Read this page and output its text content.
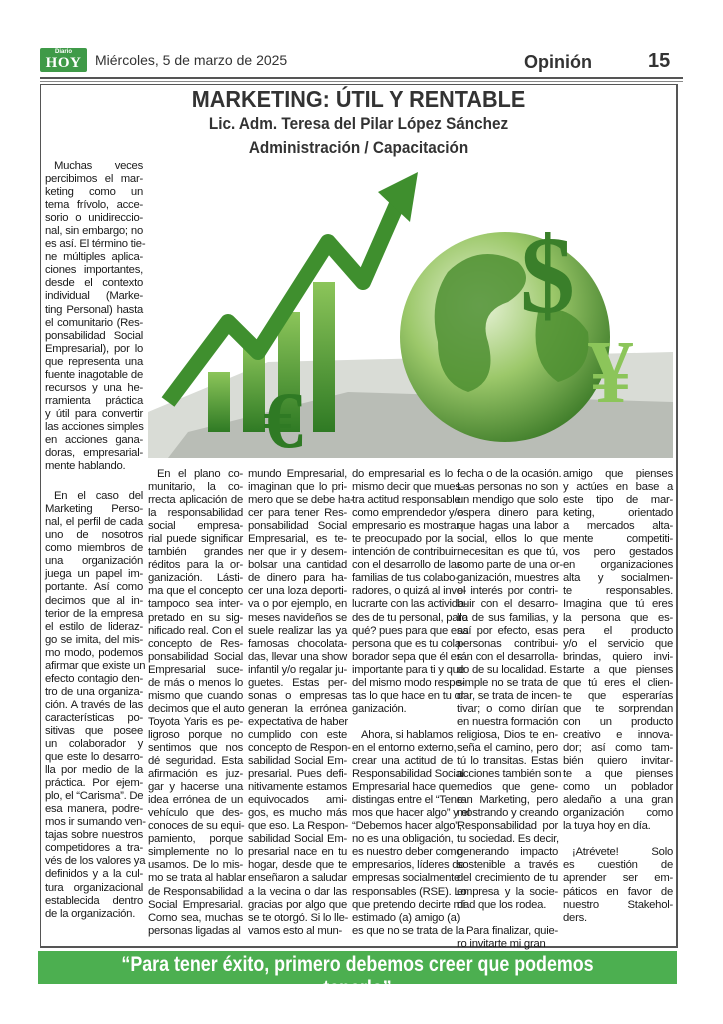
Diario
HOY Miércoles, 5 de marzo de 2025	Opinión	15
MARKETING: ÚTIL Y RENTABLE
Lic. Adm. Teresa del Pilar López Sánchez
Administración / Capacitación
$
¥
€
Muchas veces
percibimos el mar-
keting como un
tema frívolo, acce-
sorio o unidireccio-
nal, sin embargo; no
es así. El término tie-
ne múltiples aplica-
ciones importantes,
desde el contexto
individual (Marke-
ting Personal) hasta
el comunitario (Res-
ponsabilidad Social
Empresarial), por lo
que representa una
fuente inagotable de
recursos y una he-
rramienta práctica
y útil para convertir
las acciones simples
en acciones gana-
doras, empresarial-
mente hablando.
En el caso del
Marketing Perso-
nal, el perfil de cada
uno de nosotros
como miembros de
una organización
juega un papel im-
portante. Así como
decimos que al in-
terior de la empresa
el estilo de lideraz-
go se imita, del mis-
mo modo, podemos
afirmar que existe un
efecto contagio den-
tro de una organiza-
ción. A través de las
características po-
sitivas que posee
un colaborador y
que este lo desarro-
lla por medio de la
práctica. Por ejem-
plo, el “Carisma”. De
esa manera, podre-
mos ir sumando ven-
tajas sobre nuestros
competidores a tra-
vés de los valores ya
definidos y a la cul-
tura organizacional
establecida dentro
de la organización.
En el plano co-
munitario, la co-
rrecta aplicación de
la responsabilidad
social empresa-
rial puede significar
también grandes
réditos para la or-
ganización. Lásti-
ma que el concepto
tampoco sea inter-
pretado en su sig-
nificado real. Con el
concepto de Res-
ponsabilidad Social
Empresarial suce-
de más o menos lo
mismo que cuando
decimos que el auto
Toyota Yaris es pe-
ligroso porque no
sentimos que nos
dé seguridad. Esta
afirmación es juz-
gar y hacerse una
idea errónea de un
vehículo que des-
conoces de su equi-
pamiento, porque
simplemente no lo
usamos. De lo mis-
mo se trata al hablar
de Responsabilidad
Social Empresarial.
Como sea, muchas
personas ligadas al
mundo Empresarial,
imaginan que lo pri-
mero que se debe ha-
cer para tener Res-
ponsabilidad Social
Empresarial, es te-
ner que ir y desem-
bolsar una cantidad
de dinero para ha-
cer una loza deporti-
va o por ejemplo, en
meses navideños se
suele realizar las ya
famosas chocolata-
das, llevar una show
infantil y/o regalar ju-
guetes. Estas per-
sonas o empresas
generan la errónea
expectativa de haber
cumplido con este
concepto de Respon-
sabilidad Social Em-
presarial. Pues defi-
nitivamente estamos
equivocados ami-
gos, es mucho más
que eso. La Respon-
sabilidad Social Em-
presarial nace en tu
hogar, desde que te
enseñaron a saludar
a la vecina o dar las
gracias por algo que
se te otorgó. Si lo lle-
vamos esto al mun-
do empresarial es lo
mismo decir que mues-
tra actitud responsable
como emprendedor y/o
empresario es mostrar-
te preocupado por la
intención de contribuir
con el desarrollo de las
familias de tus colabo-
radores, o quizá al invo-
lucrarte con las activida-
des de tu personal, para
qué? pues para que esa
persona que es tu cola-
borador sepa que él es
importante para ti y que
del mismo modo respe-
tas lo que hace en tu or-
ganización.
Ahora, si hablamos
en el entorno externo,
crear una actitud de
Responsabilidad Social
Empresarial hace que
distingas entre el “Tene-
mos que hacer algo” y el
“Debemos hacer algo”,
no es una obligación,
es nuestro deber como
empresarios, líderes de
empresas socialmente
responsables (RSE). Lo
que pretendo decirte mi
estimado (a) amigo (a)
es que no se trata de la
fecha o de la ocasión.
Las personas no son
un mendigo que solo
espera dinero para
que hagas una labor
social, ellos lo que
necesitan es que tú,
como parte de una or-
ganización, muestres
el interés por contri-
buir con el desarro-
llo de sus familias, y
así por efecto, esas
personas contribui-
rán con el desarrolla-
do de su localidad. Es
simple no se trata de
dar, se trata de incen-
tivar; o como dirían
en nuestra formación
religiosa, Dios te en-
seña el camino, pero
tú lo transitas. Estas
acciones también son
medios que gene-
ran Marketing, pero
mostrando y creando
Responsabilidad por
tu sociedad. Es decir,
generando impacto
sostenible a través
del crecimiento de tu
empresa y la socie-
dad que los rodea.
Para finalizar, quie-
ro invitarte mi gran
amigo que pienses
y actúes en base a
este tipo de mar-
keting, orientado
a mercados alta-
mente competiti-
vos pero gestados
en organizaciones
alta y socialmen-
te responsables.
Imagina que tú eres
la persona que es-
pera el producto
y/o el servicio que
brindas, quiero invi-
tarte a que pienses
que tú eres el clien-
te que esperarías
que te sorprendan
con un producto
creativo e innova-
dor; así como tam-
bién quiero invitar-
te a que pienses
como un poblador
aledaño a una gran
organización como
la tuya hoy en día.
¡Atrévete! Solo
es cuestión de
aprender ser em-
páticos en favor de
nuestro Stakehol-
ders.
“Para tener éxito, primero debemos creer que podemos tenerlo”
